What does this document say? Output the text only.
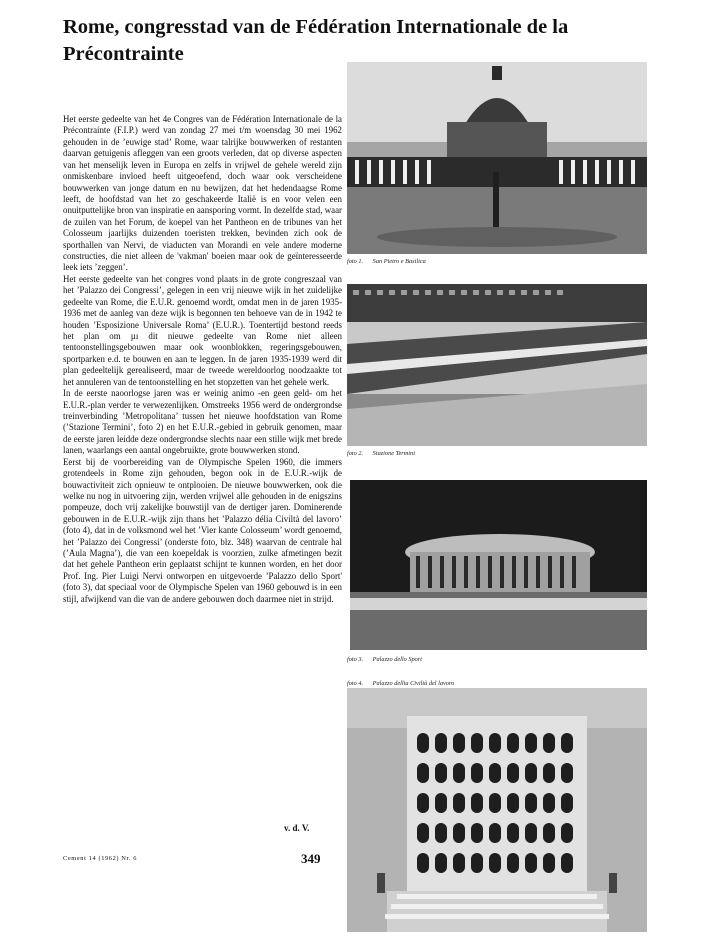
Rome, congresstad van de Fédération Internationale de la Précontrainte

Het eerste gedeelte van het 4e Congres van de Fédération Internationale de la Précontrainte (F.I.P.) werd van zondag 27 mei t/m woensdag 30 mei 1962 gehouden in de ’euwige stad’ Rome, waar talrijke bouwwerken of restanten daarvan getuigenis afleggen van een groots verleden, dat op diverse aspecten van het menselijk leven in Europa en zelfs in vrijwel de gehele wereld zijn onmiskenbare invloed heeft uitgeoefend, doch waar ook verscheidene bouwwerken van jonge datum en nu bewijzen, dat het hedendaagse Rome leeft, de hoofdstad van het zo geschakeerde Italië is en voor velen een onuitputtelijke bron van inspiratie en aansporing vormt. In dezelfde stad, waar de zuilen van het Forum, de koepel van het Pantheon en de tribunes van het Colosseum jaarlijks duizenden toeristen trekken, bevinden zich ook de sporthallen van Nervi, de viaducten van Morandi en vele andere moderne constructies, die niet alleen de 'vakman' boeien maar ook de geïnteresseerde leek iets ’zeggen’.

Het eerste gedeelte van het congres vond plaats in de grote congreszaal van het ’Palazzo dei Congressi’, gelegen in een vrij nieuwe wijk in het zuidelijke gedeelte van Rome, die E.U.R. genoemd wordt, omdat men in de jaren 1935-1936 met de aanleg van deze wijk is begonnen ten behoeve van de in 1942 te houden ’Esposizione Universale Roma’ (E.U.R.). Toentertijd bestond reeds het plan om µı dit nieuwe gedeelte van Rome niet alleen tentoonstellingsgebouwen maar ook woonblokken, regeringsgebouwen, sportparken e.d. te bouwen en aan te leggen. In de jaren 1935-1939 werd dit plan gedeeltelijk gerealiseerd, maar de tweede wereldoorlog noodzaakte tot het annuleren van de tentoonstelling en het stopzetten van het gehele werk.

In de eerste naoorlogse jaren was er weinig animo -en geen geld- om het E.U.R.-plan verder te verwezenlijken. Omstreeks 1956 werd de ondergrondse treinverbinding ’Metropolitana’ tussen het nieuwe hoofdstation van Rome (’Stazione Termini’, foto 2) en het E.U.R.-gebied in gebruik genomen, maar de eerste jaren leidde deze ondergrondse slechts naar een stille wijk met brede lanen, waarlangs een aantal ongebruikte, grote bouwwerken stond.

Eerst bij de voorbereiding van de Olympische Spelen 1960, die immers grotendeels in Rome zijn gehouden, begon ook in de E.U.R.-wijk de bouwactiviteit zich opnieuw te ontplooien. De nieuwe bouwwerken, ook die welke nu nog in uitvoering zijn, werden vrijwel alle gehouden in de enigszins pompeuze, doch vrij zakelijke bouwstijl van de dertiger jaren. Dominerende gebouwen in de E.U.R.-wijk zijn thans het ’Palazzo délia Civiltà del lavoro’ (foto 4), dat in de volksmond wel het ’Vier kante Colosseum’ wordt genoemd, het ’Palazzo dei Congressi’ (onderste foto, blz. 348) waarvan de centrale hal (’Aula Magna’), die van een koepeldak is voorzien, zulke afmetingen bezit dat het gehele Pantheon erin geplaatst schijnt te kunnen worden, en het door Prof. Ing. Pier Luigi Nervi ontworpen en uitgevoerde ’Palazzo dello Sport' (foto 3), dat speciaal voor de Olympische Spelen van 1960 gebouwd is in een stijl, afwijkend van die van de andere gebouwen doch daarmee niet in strijd.

v. d. V.
Cement 14 (1962) Nr. 6	349
foto 1. San Pietro e Basilica
foto 2. Stazione Termini
foto 3. Palazzo dello Sport
foto 4. Palazzo dellia Civiltà del lavoro
